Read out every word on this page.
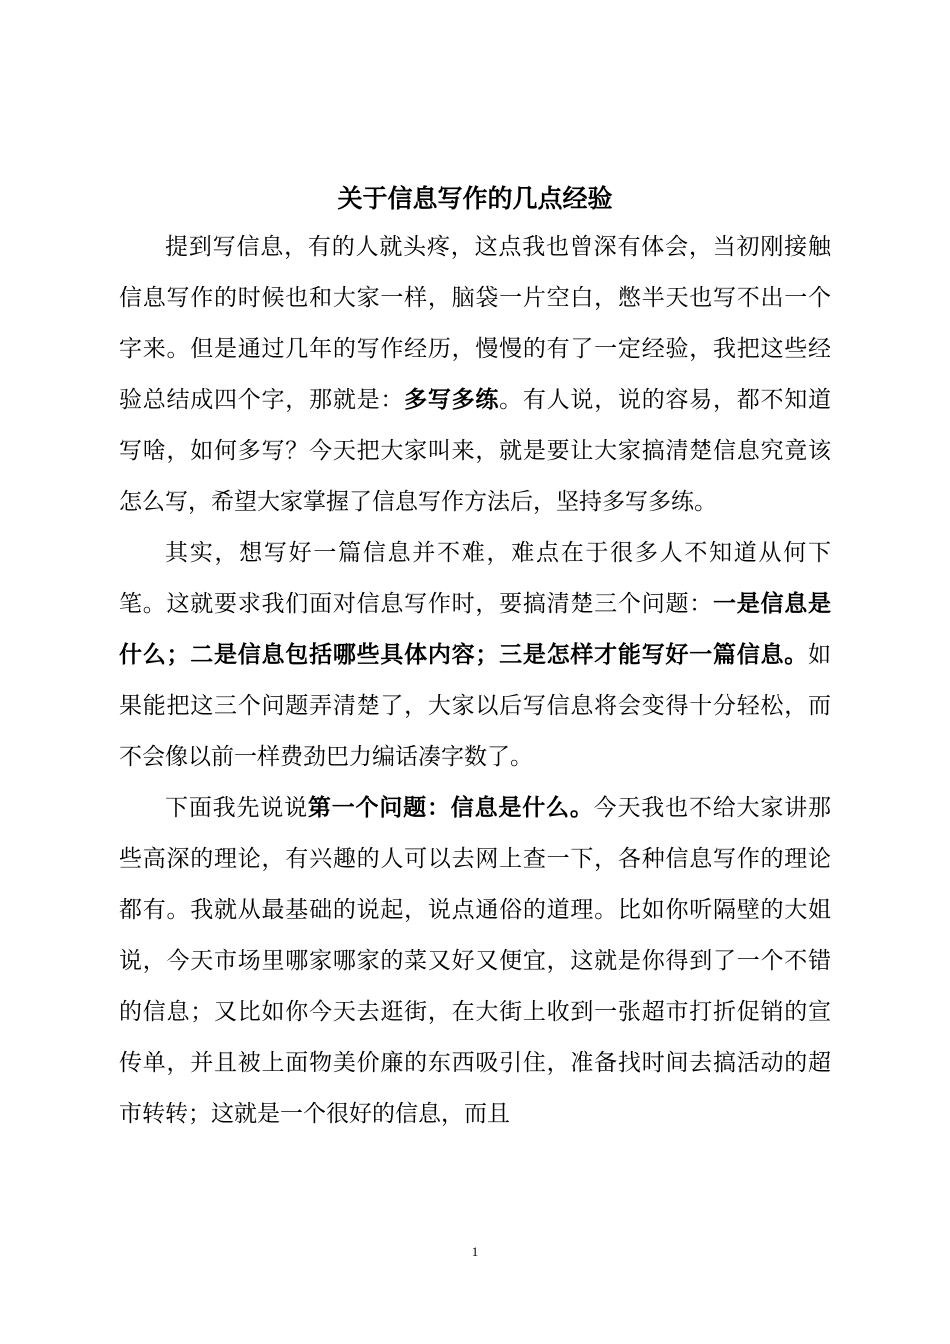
关于信息写作的几点经验

提到写信息，有的人就头疼，这点我也曾深有体会，当初刚接触信息写作的时候也和大家一样，脑袋一片空白，憋半天也写不出一个字来。但是通过几年的写作经历，慢慢的有了一定经验，我把这些经验总结成四个字，那就是：多写多练。有人说，说的容易，都不知道写啥，如何多写？今天把大家叫来，就是要让大家搞清楚信息究竟该怎么写，希望大家掌握了信息写作方法后，坚持多写多练。

其实，想写好一篇信息并不难，难点在于很多人不知道从何下笔。这就要求我们面对信息写作时，要搞清楚三个问题：一是信息是什么；二是信息包括哪些具体内容；三是怎样才能写好一篇信息。如果能把这三个问题弄清楚了，大家以后写信息将会变得十分轻松，而不会像以前一样费劲巴力编话凑字数了。

下面我先说说第一个问题：信息是什么。今天我也不给大家讲那些高深的理论，有兴趣的人可以去网上查一下，各种信息写作的理论都有。我就从最基础的说起，说点通俗的道理。比如你听隔壁的大姐说，今天市场里哪家哪家的菜又好又便宜，这就是你得到了一个不错的信息；又比如你今天去逛街，在大街上收到一张超市打折促销的宣传单，并且被上面物美价廉的东西吸引住，准备找时间去搞活动的超市转转；这就是一个很好的信息，而且

1
